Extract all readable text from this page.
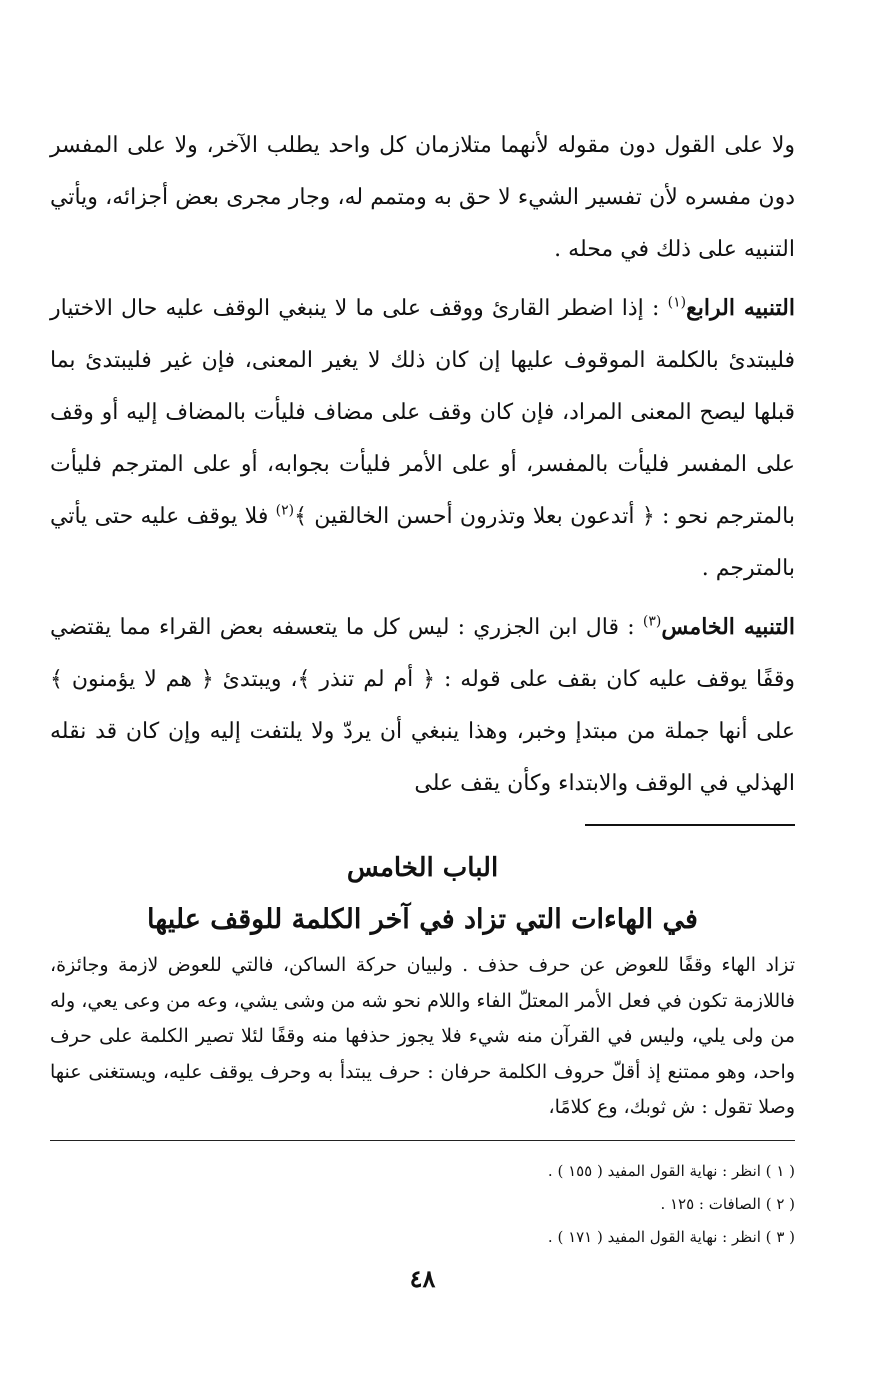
ولا على القول دون مقوله لأنهما متلازمان كل واحد يطلب الآخر، ولا على المفسر دون مفسره لأن تفسير الشيء لا حق به ومتمم له، وجار مجرى بعض أجزائه، ويأتي التنبيه على ذلك في محله .

التنبيه الرابع$^{(١)}$ : إذا اضطر القارئ ووقف على ما لا ينبغي الوقف عليه حال الاختيار فليبتدئ بالكلمة الموقوف عليها إن كان ذلك لا يغير المعنى، فإن غير فليبتدئ بما قبلها ليصح المعنى المراد، فإن كان وقف على مضاف فليأت بالمضاف إليه أو وقف على المفسر فليأت بالمفسر، أو على الأمر فليأت بجوابه، أو على المترجم فليأت بالمترجم نحو : ﴿ أتدعون بعلا وتذرون أحسن الخالقين ﴾$^{(٢)}$ فلا يوقف عليه حتى يأتي بالمترجم .

التنبيه الخامس$^{(٣)}$ : قال ابن الجزري : ليس كل ما يتعسفه بعض القراء مما يقتضي وقفًا يوقف عليه كان بقف على قوله : ﴿ أم لم تنذر ﴾، ويبتدئ ﴿ هم لا يؤمنون ﴾ على أنها جملة من مبتدإ وخبر، وهذا ينبغي أن يردّ ولا يلتفت إليه وإن كان قد نقله الهذلي في الوقف والابتداء وكأن يقف على

الباب الخامس
في الهاءات التي تزاد في آخر الكلمة للوقف عليها

تزاد الهاء وقفًا للعوض عن حرف حذف . ولبيان حركة الساكن، فالتي للعوض لازمة وجائزة، فاللازمة تكون في فعل الأمر المعتلّ الفاء واللام نحو شه من وشى يشي، وعه من وعى يعي، وله من ولى يلي، وليس في القرآن منه شيء فلا يجوز حذفها منه وقفًا لئلا تصير الكلمة على حرف واحد، وهو ممتنع إذ أقلّ حروف الكلمة حرفان : حرف يبتدأ به وحرف يوقف عليه، ويستغنى عنها وصلا تقول : ش ثوبك، وع كلامًا،

( ١ ) انظر : نهاية القول المفيد ( ١٥٥ ) .

( ٢ ) الصافات : ١٢٥ .

( ٣ ) انظر : نهاية القول المفيد ( ١٧١ ) .

٤٨
